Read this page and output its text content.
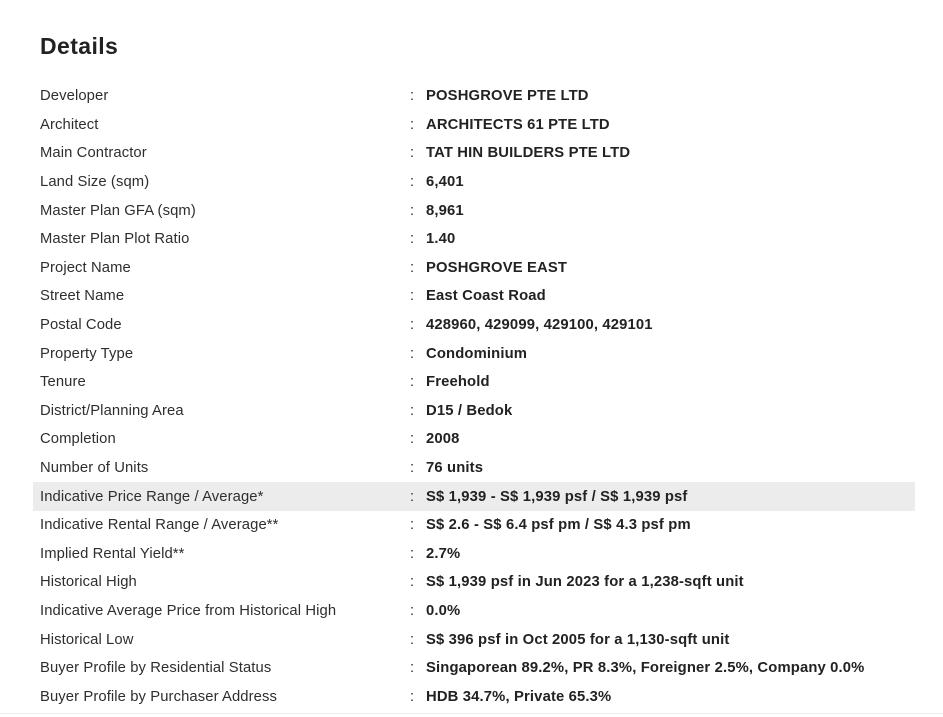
Details
Developer	: POSHGROVE PTE LTD
Architect	: ARCHITECTS 61 PTE LTD
Main Contractor	: TAT HIN BUILDERS PTE LTD
Land Size (sqm)	: 6,401
Master Plan GFA (sqm)	: 8,961
Master Plan Plot Ratio	: 1.40
Project Name	: POSHGROVE EAST
Street Name	: East Coast Road
Postal Code	: 428960, 429099, 429100, 429101
Property Type	: Condominium
Tenure	: Freehold
District/Planning Area	: D15 / Bedok
Completion	: 2008
Number of Units	: 76 units
Indicative Price Range / Average*	: S$ 1,939 - S$ 1,939 psf / S$ 1,939 psf
Indicative Rental Range / Average**	: S$ 2.6 - S$ 6.4 psf pm / S$ 4.3 psf pm
Implied Rental Yield**	: 2.7%
Historical High	: S$ 1,939 psf in Jun 2023 for a 1,238-sqft unit
Indicative Average Price from Historical High	: 0.0%
Historical Low	: S$ 396 psf in Oct 2005 for a 1,130-sqft unit
Buyer Profile by Residential Status	: Singaporean 89.2%, PR 8.3%, Foreigner 2.5%, Company 0.0%
Buyer Profile by Purchaser Address	: HDB 34.7%, Private 65.3%
